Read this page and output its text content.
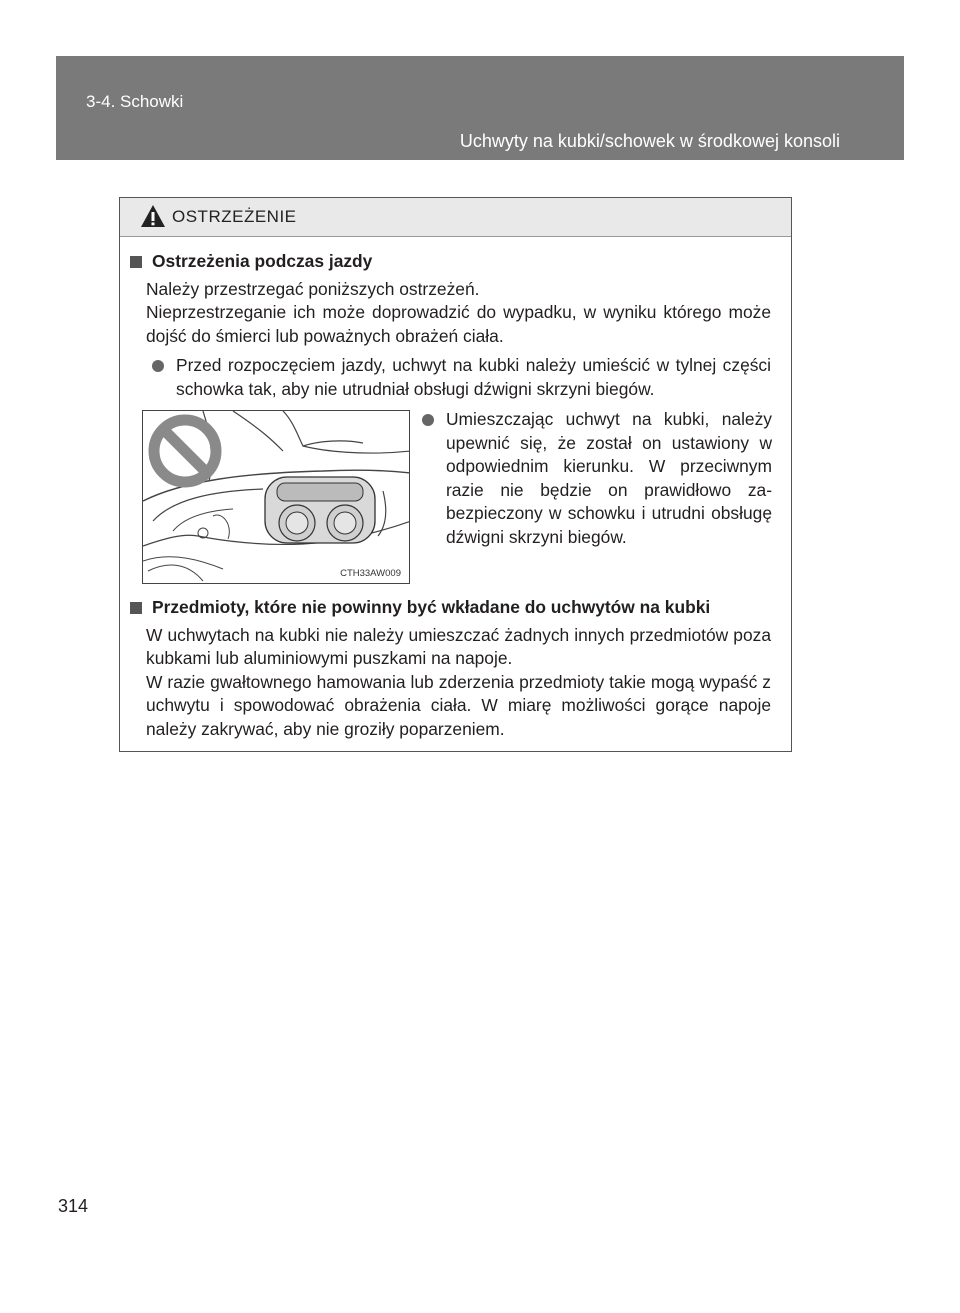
3-4. Schowki
Uchwyty na kubki/schowek w środkowej konsoli
OSTRZEŻENIE
Ostrzeżenia podczas jazdy
Należy przestrzegać poniższych ostrzeżeń.
Nieprzestrzeganie ich może doprowadzić do wypadku, w wyniku którego może dojść do śmierci lub poważnych obrażeń ciała.
Przed rozpoczęciem jazdy, uchwyt na kubki należy umieścić w tylnej części schowka tak, aby nie utrudniał obsługi dźwigni skrzyni biegów.
CTH33AW009
Umieszczając uchwyt na kubki, należy upewnić się, że został on ustawiony w odpowiednim kierunku. W przeciwnym razie nie będzie on prawidłowo zabezpieczony w schowku i utrudni obsługę dźwigni skrzyni biegów.
Przedmioty, które nie powinny być wkładane do uchwytów na kubki
W uchwytach na kubki nie należy umieszczać żadnych innych przedmiotów poza kubkami lub aluminiowymi puszkami na napoje.
W razie gwałtownego hamowania lub zderzenia przedmioty takie mogą wypaść z uchwytu i spowodować obrażenia ciała. W miarę możliwości gorące napoje należy zakrywać, aby nie groziły poparzeniem.
314
